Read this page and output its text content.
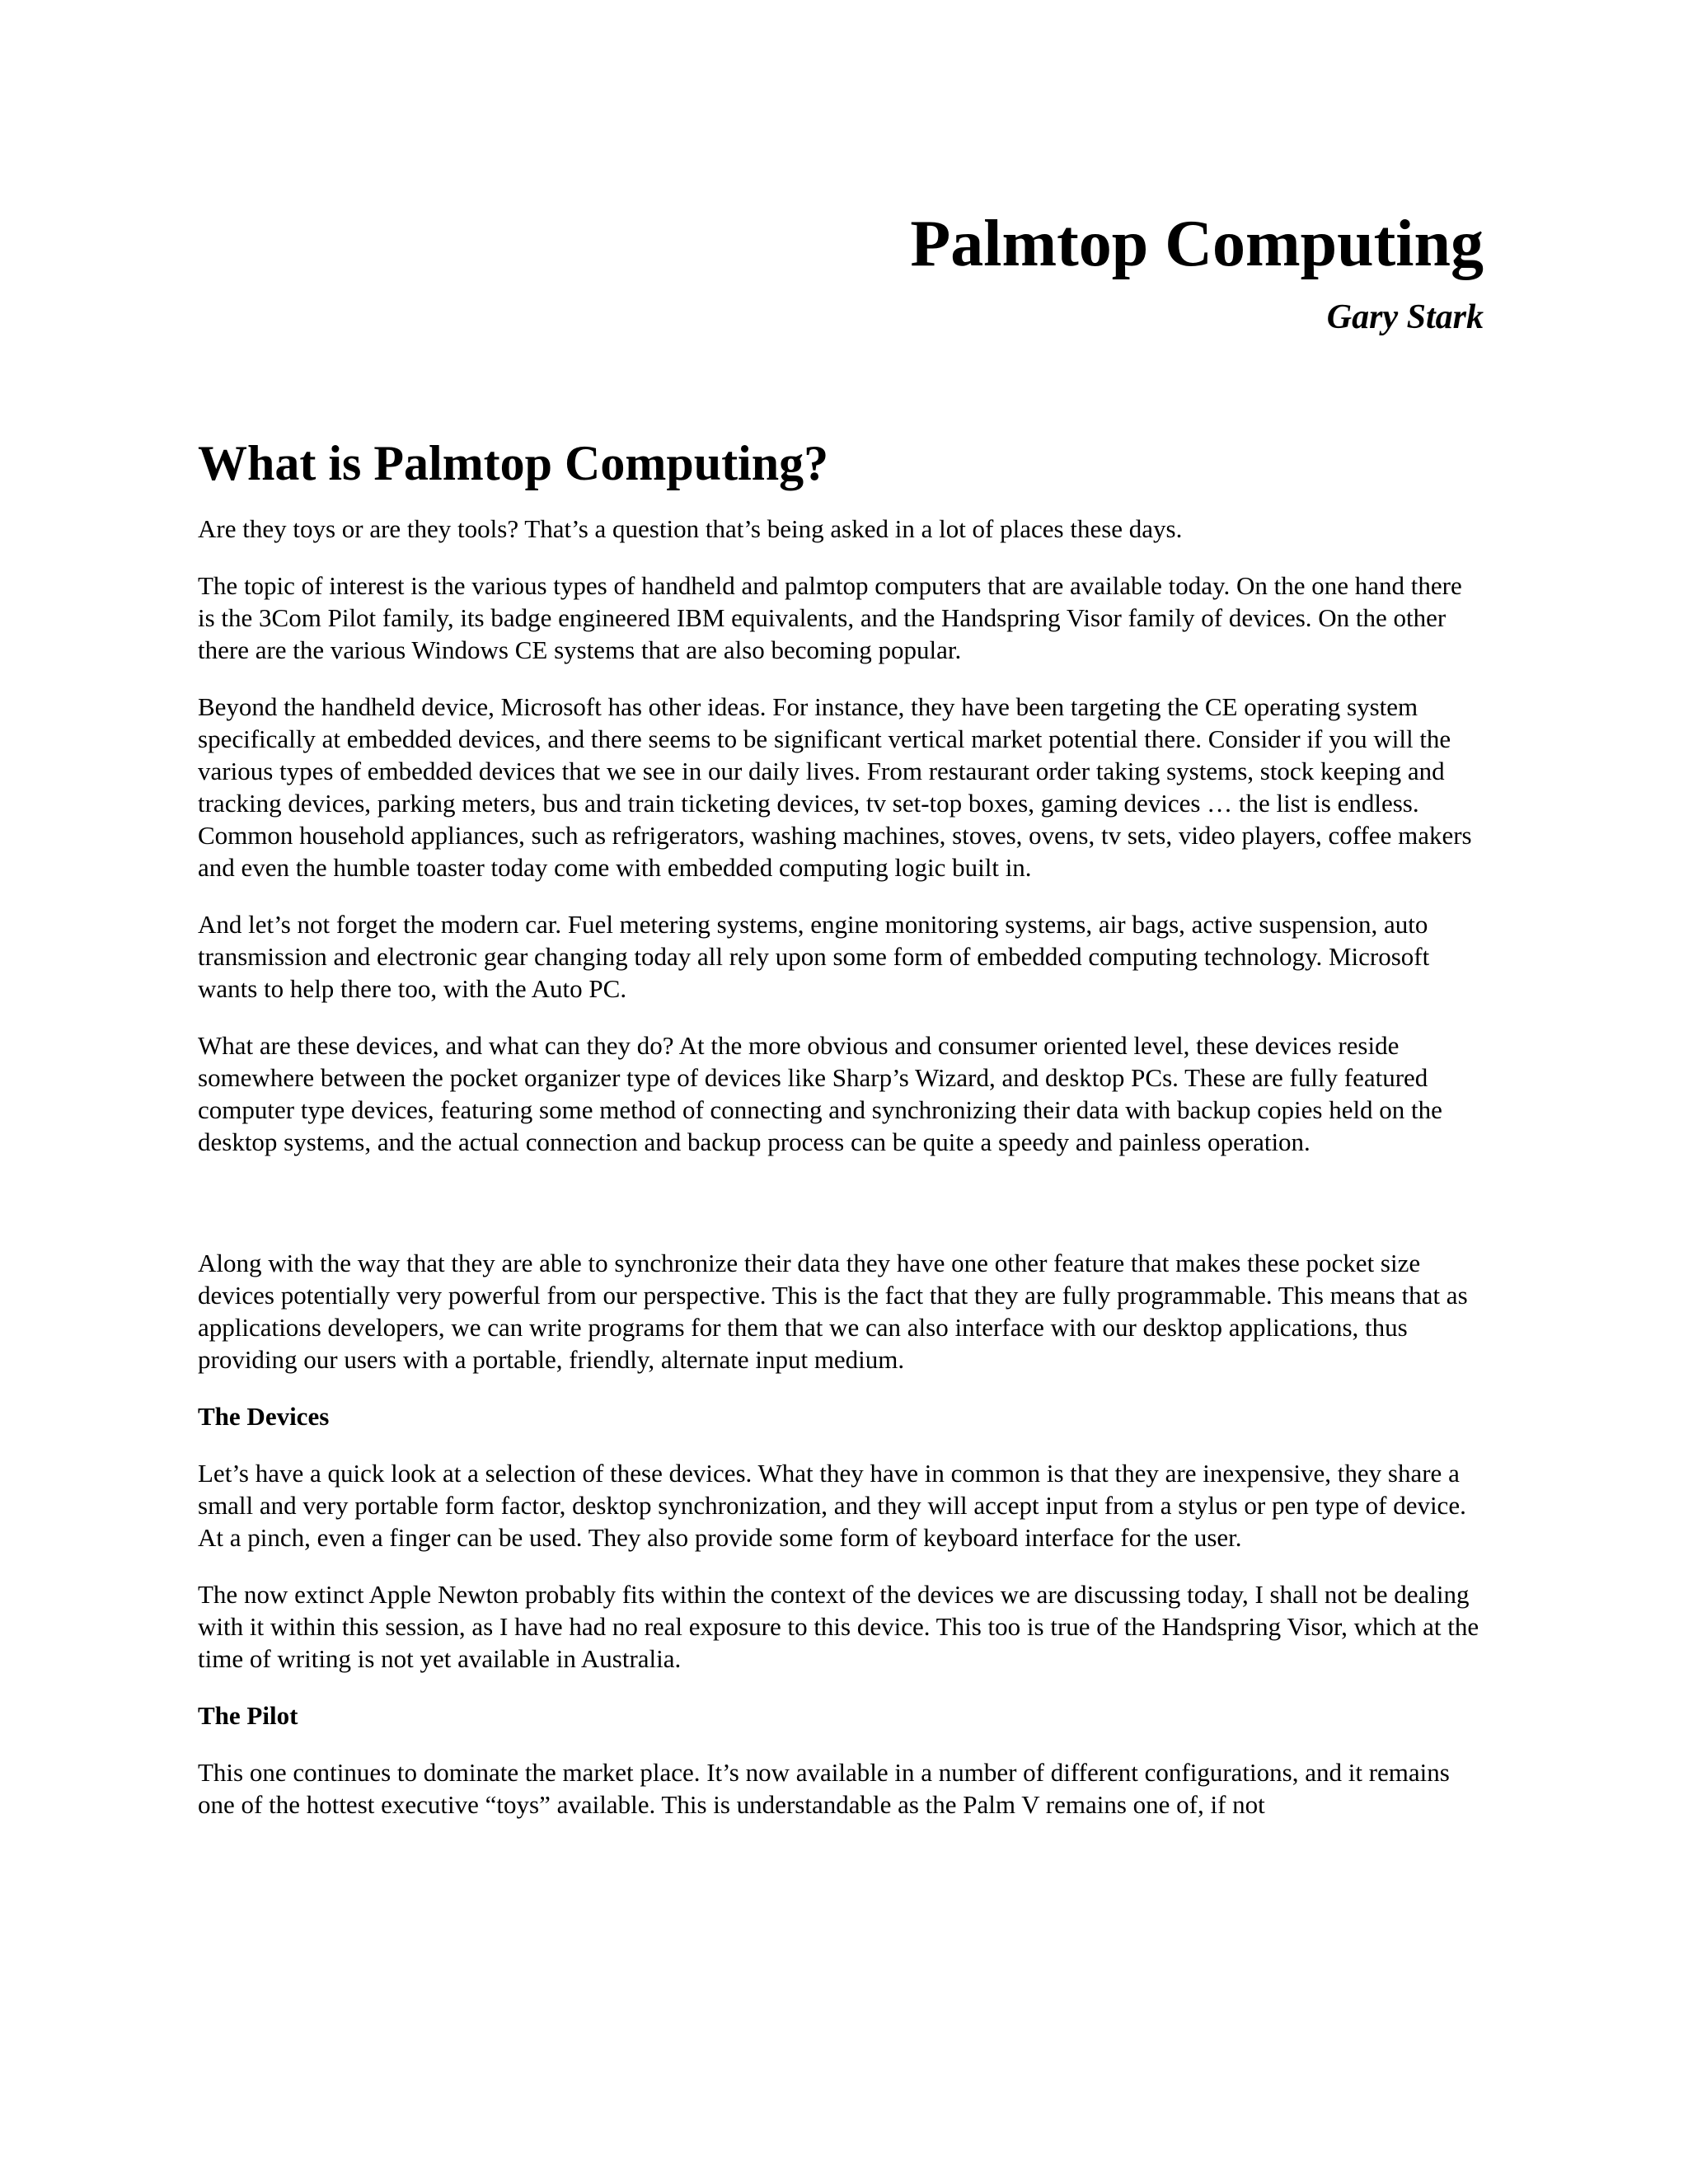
Palmtop Computing
Gary Stark
What is Palmtop Computing?

Are they toys or are they tools? That’s a question that’s being asked in a lot of places these days.

The topic of interest is the various types of handheld and palmtop computers that are available today. On the one hand there is the 3Com Pilot family, its badge engineered IBM equivalents, and the Handspring Visor family of devices. On the other there are the various Windows CE systems that are also becoming popular.

Beyond the handheld device, Microsoft has other ideas. For instance, they have been targeting the CE operating system specifically at embedded devices, and there seems to be significant vertical market potential there. Consider if you will the various types of embedded devices that we see in our daily lives. From restaurant order taking systems, stock keeping and tracking devices, parking meters, bus and train ticketing devices, tv set-top boxes, gaming devices … the list is endless. Common household appliances, such as refrigerators, washing machines, stoves, ovens, tv sets, video players, coffee makers and even the humble toaster today come with embedded computing logic built in.

And let’s not forget the modern car. Fuel metering systems, engine monitoring systems, air bags, active suspension, auto transmission and electronic gear changing today all rely upon some form of embedded computing technology. Microsoft wants to help there too, with the Auto PC.

What are these devices, and what can they do? At the more obvious and consumer oriented level, these devices reside somewhere between the pocket organizer type of devices like Sharp’s Wizard, and desktop PCs. These are fully featured computer type devices, featuring some method of connecting and synchronizing their data with backup copies held on the desktop systems, and the actual connection and backup process can be quite a speedy and painless operation.

Along with the way that they are able to synchronize their data they have one other feature that makes these pocket size devices potentially very powerful from our perspective. This is the fact that they are fully programmable. This means that as applications developers, we can write programs for them that we can also interface with our desktop applications, thus providing our users with a portable, friendly, alternate input medium.

The Devices

Let’s have a quick look at a selection of these devices. What they have in common is that they are inexpensive, they share a small and very portable form factor, desktop synchronization, and they will accept input from a stylus or pen type of device. At a pinch, even a finger can be used. They also provide some form of keyboard interface for the user.

The now extinct Apple Newton probably fits within the context of the devices we are discussing today, I shall not be dealing with it within this session, as I have had no real exposure to this device. This too is true of the Handspring Visor, which at the time of writing is not yet available in Australia.

The Pilot

This one continues to dominate the market place. It’s now available in a number of different configurations, and it remains one of the hottest executive “toys” available. This is understandable as the Palm V remains one of, if not
